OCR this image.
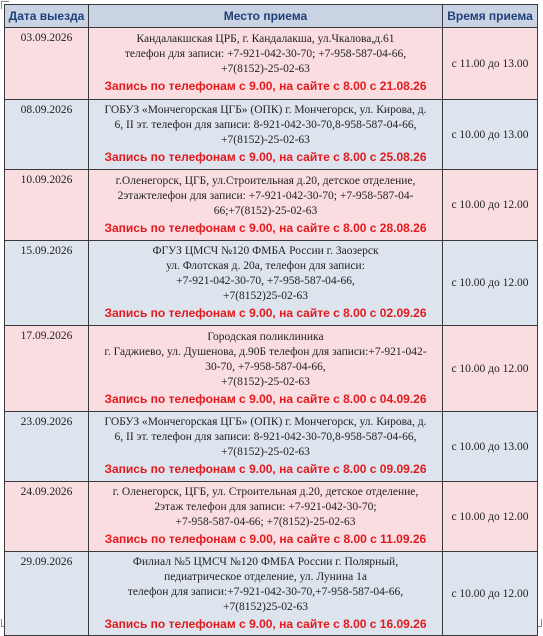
Дата выезда	Место приема	Время приема
03.09.2026	Кандалакшская ЦРБ, г. Кандалакша, ул.Чкалова,д.61
телефон для записи: +7-921-042-30-70; +7-958-587-04-66,
+7(8152)-25-02-63
Запись по телефонам с 9.00, на сайте с 8.00 с 21.08.26	с 11.00 до 13.00
08.09.2026	ГОБУЗ «Мончегорская ЦГБ» (ОПК) г. Мончегорск, ул. Кирова, д.
6, II эт. телефон для записи: 8-921-042-30-70,8-958-587-04-66,
+7(8152)-25-02-63
Запись по телефонам с 9.00, на сайте с 8.00 с 25.08.26	с 10.00 до 13.00
10.09.2026	г.Оленегорск, ЦГБ, ул.Строительная д.20, детское отделение,
2этажтелефон для записи: +7-921-042-30-70; +7-958-587-04-
66;+7(8152)-25-02-63
Запись по телефонам с 9.00, на сайте с 8.00 с 28.08.26	с 10.00 до 12.00
15.09.2026	ФГУЗ ЦМСЧ №120 ФМБА России г. Заозерск
ул. Флотская д. 20а, телефон для записи:
+7-921-042-30-70, +7-958-587-04-66,
+7(8152)25-02-63
Запись по телефонам с 9.00, на сайте с 8.00 с 02.09.26	с 10.00 до 12.00
17.09.2026	Городская поликлиника
г. Гаджиево, ул. Душенова, д.90Б телефон для записи:+7-921-042-
30-70, +7-958-587-04-66,
+7(8152)-25-02-63
Запись по телефонам с 9.00, на сайте с 8.00 с 04.09.26	с 10.00 до 12.00
23.09.2026	ГОБУЗ «Мончегорская ЦГБ» (ОПК) г. Мончегорск, ул. Кирова, д.
6, II эт. телефон для записи: 8-921-042-30-70,8-958-587-04-66,
+7(8152)-25-02-63
Запись по телефонам с 9.00, на сайте с 8.00 с 09.09.26	с 10.00 до 13.00
24.09.2026	г. Оленегорск, ЦГБ, ул. Строительная д.20, детское отделение,
2этаж телефон для записи: +7-921-042-30-70;
+7-958-587-04-66; +7(8152)-25-02-63
Запись по телефонам с 9.00, на сайте с 8.00 с 11.09.26	с 10.00 до 12.00
29.09.2026	Филиал №5 ЦМСЧ №120 ФМБА России г. Полярный,
педиатрическое отделение, ул. Лунина 1а
телефон для записи:+7-921-042-30-70,+7-958-587-04-66,
+7(8152)25-02-63
Запись по телефонам с 9.00, на сайте с 8.00 с 16.09.26	с 10.00 до 12.00
